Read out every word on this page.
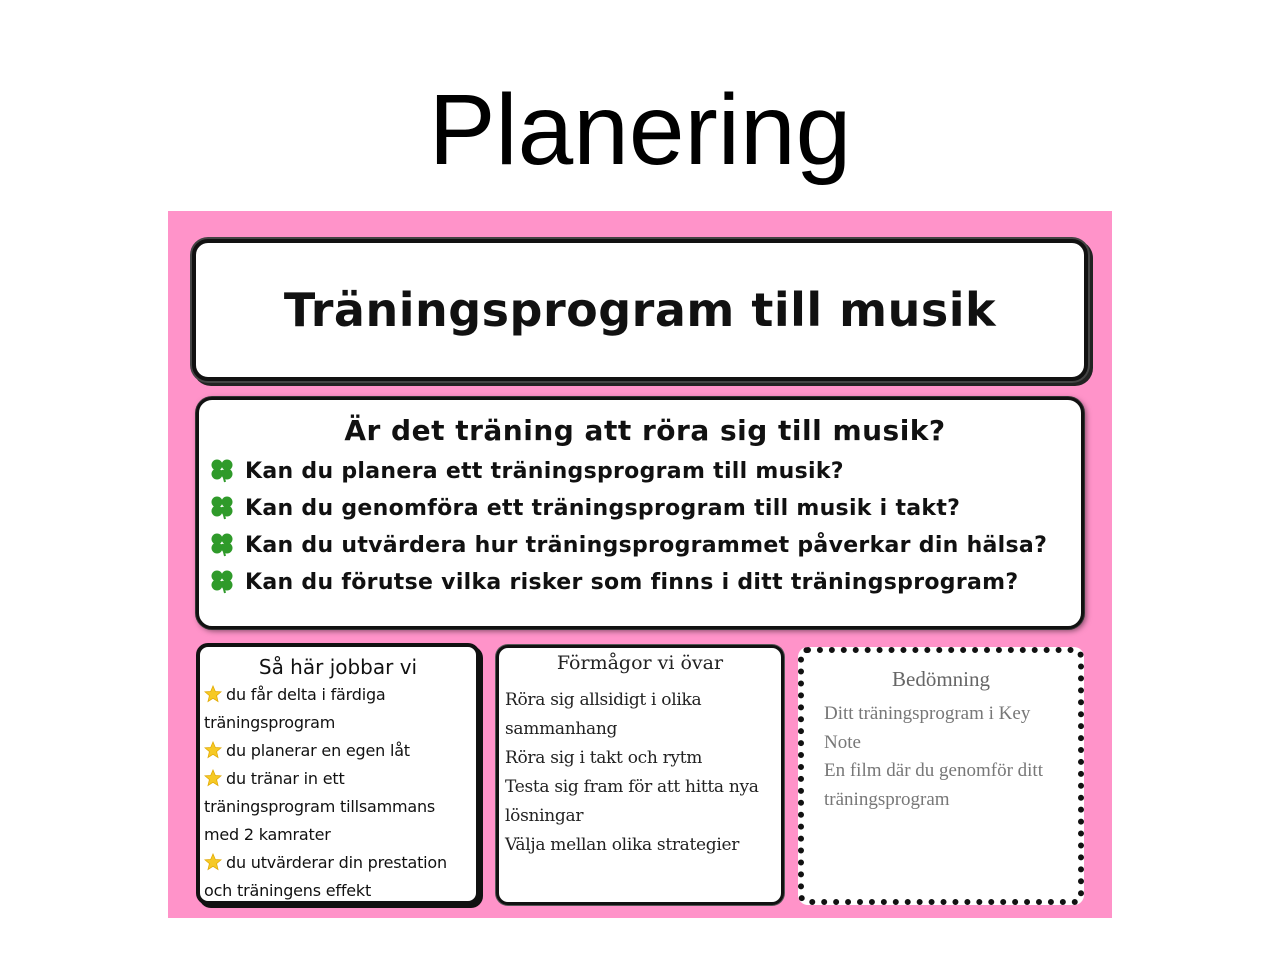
Planering
Träningsprogram till musik
Är det träning att röra sig till musik?
Kan du planera ett träningsprogram till musik?
Kan du genomföra ett träningsprogram till musik i takt?
Kan du utvärdera hur träningsprogrammet påverkar din hälsa?
Kan du förutse vilka risker som finns i ditt träningsprogram?
Så här jobbar vi
du får delta i färdiga träningsprogram
du planerar en egen låt
du tränar in ett träningsprogram tillsammans med 2 kamrater
du utvärderar din prestation och träningens effekt
Förmågor vi övar
Röra sig allsidigt i olika sammanhang
Röra sig i takt och rytm
Testa sig fram för att hitta nya lösningar
Välja mellan olika strategier
Bedömning
Ditt träningsprogram i Key Note
En film där du genomför ditt träningsprogram
